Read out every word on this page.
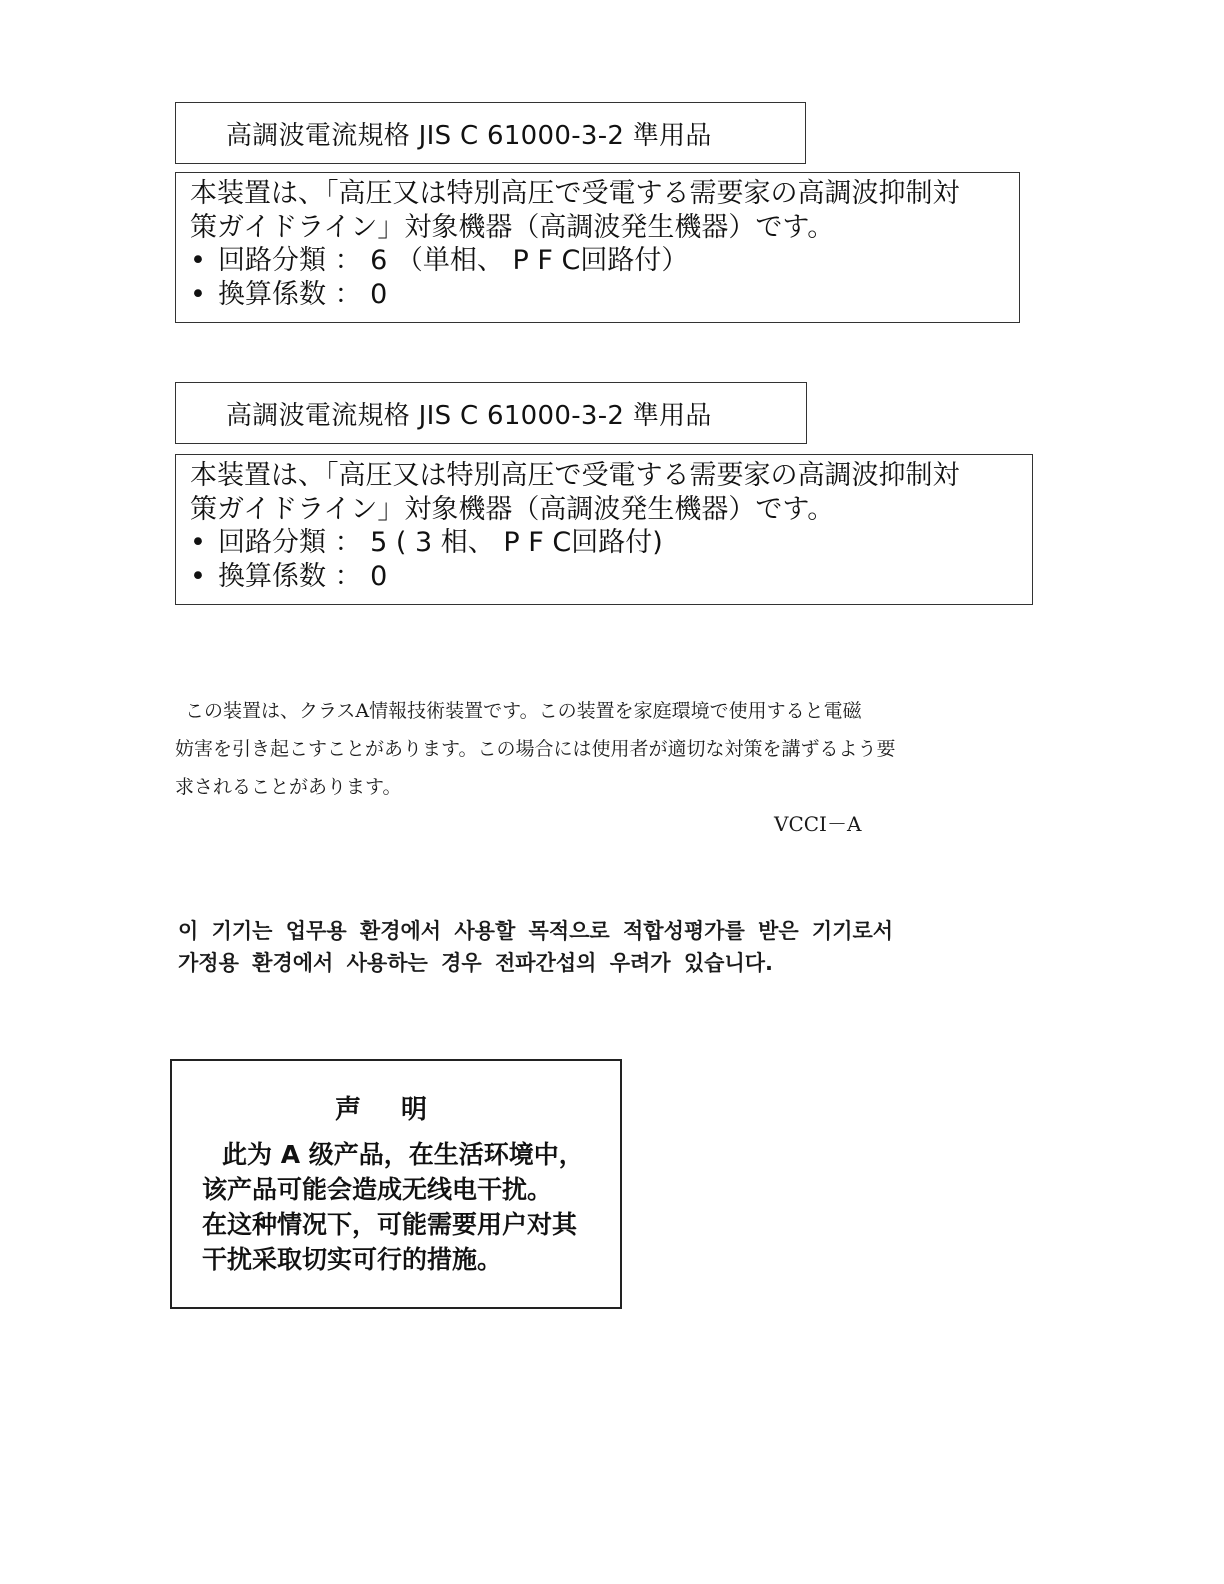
高調波電流規格 JIS C 61000-3-2 準用品
本装置は、「高圧又は特別高圧で受電する需要家の高調波抑制対
策ガイドライン」対象機器（高調波発生機器）です。
• 回路分類 ： 6 （単相、 P F C回路付）
• 換算係数 ： 0
高調波電流規格 JIS C 61000-3-2 準用品
本装置は、「高圧又は特別高圧で受電する需要家の高調波抑制対
策ガイドライン」対象機器（高調波発生機器）です。
• 回路分類 ： 5 ( 3 相、 P F C回路付)
• 換算係数 ： 0
この装置は、クラスA情報技術装置です。この装置を家庭環境で使用すると電磁
妨害を引き起こすことがあります。この場合には使用者が適切な対策を講ずるよう要
求されることがあります。
VCCI－A
이 기기는 업무용 환경에서 사용할 목적으로 적합성평가를 받은 기기로서
가정용 환경에서 사용하는 경우 전파간섭의 우려가 있습니다.
声明
此为 A 级产品，在生活环境中，
该产品可能会造成无线电干扰。
在这种情况下，可能需要用户对其
干扰采取切实可行的措施。
